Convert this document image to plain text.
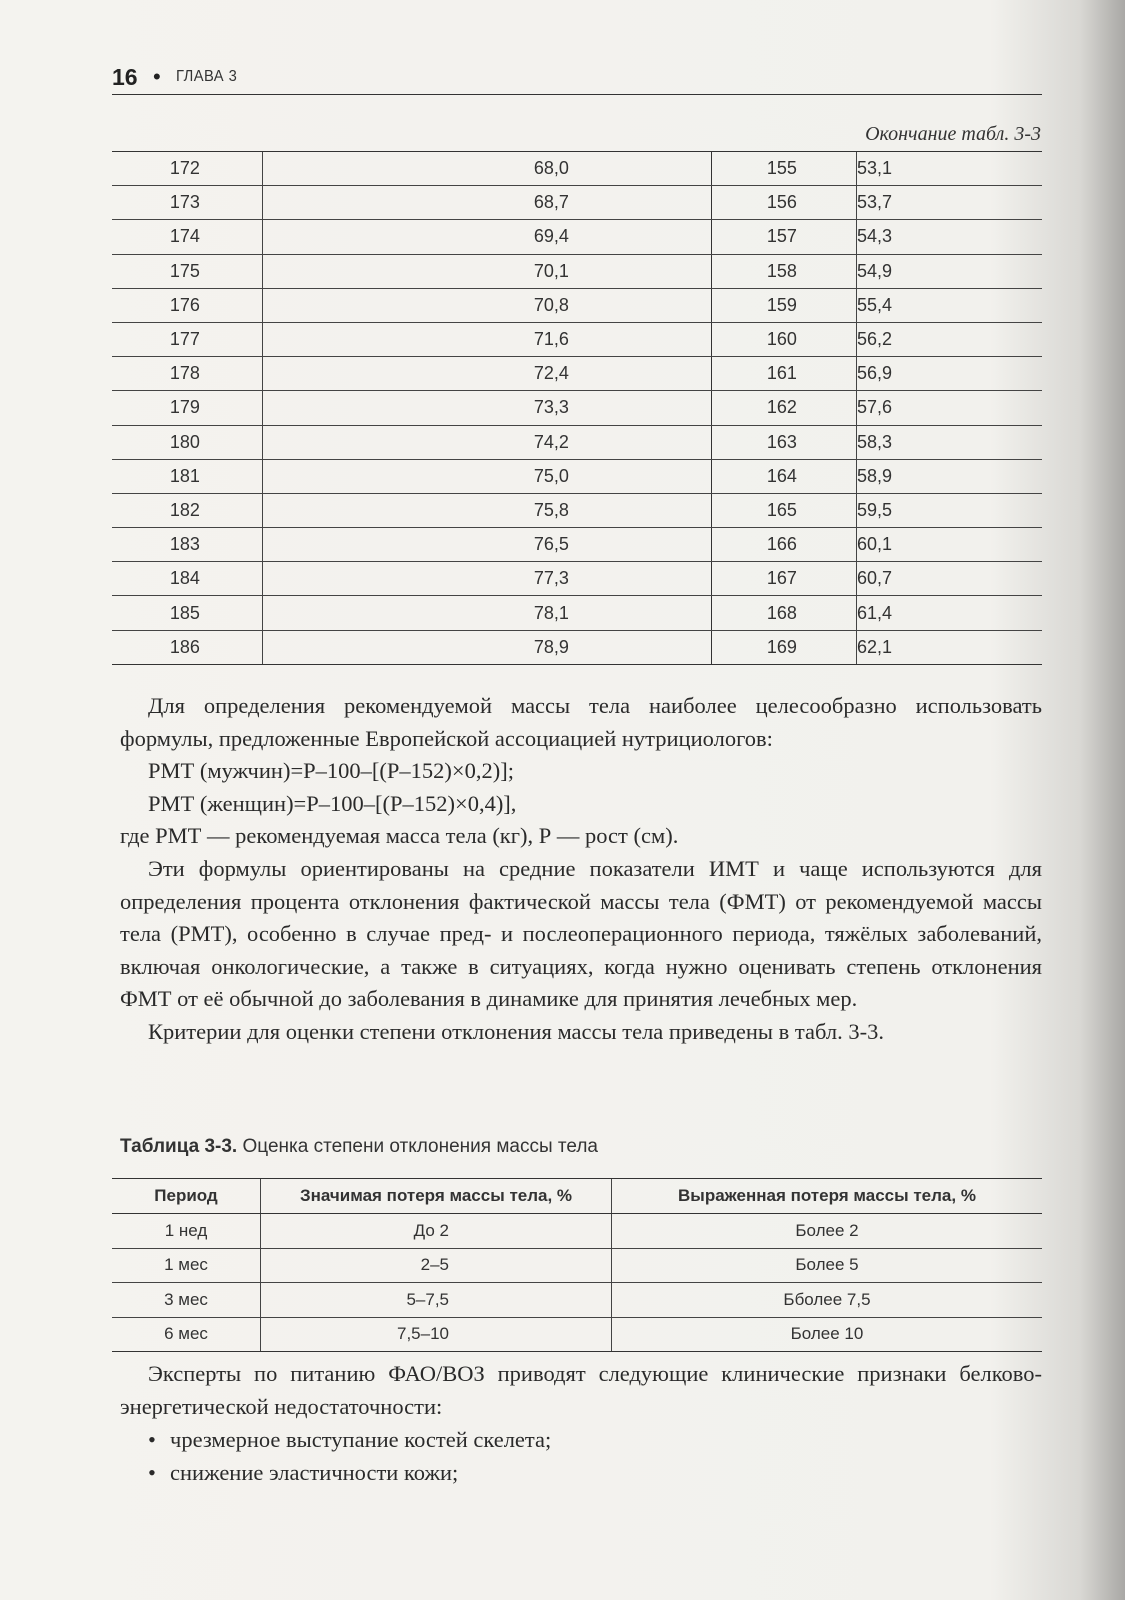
16 • ГЛАВА 3
Окончание табл. 3-3
172	68,0	155	53,1
173	68,7	156	53,7
174	69,4	157	54,3
175	70,1	158	54,9
176	70,8	159	55,4
177	71,6	160	56,2
178	72,4	161	56,9
179	73,3	162	57,6
180	74,2	163	58,3
181	75,0	164	58,9
182	75,8	165	59,5
183	76,5	166	60,1
184	77,3	167	60,7
185	78,1	168	61,4
186	78,9	169	62,1

Для определения рекомендуемой массы тела наиболее целесообразно использовать формулы, предложенные Европейской ассоциацией нутрициологов:

РМТ (мужчин)=Р–100–[(Р–152)×0,2)];

РМТ (женщин)=Р–100–[(Р–152)×0,4)],

где РМТ — рекомендуемая масса тела (кг), Р — рост (см).

Эти формулы ориентированы на средние показатели ИМТ и чаще используются для определения процента отклонения фактической массы тела (ФМТ) от рекомендуемой массы тела (РМТ), особенно в случае пред- и послеоперационного периода, тяжёлых заболеваний, включая онкологические, а также в ситуациях, когда нужно оценивать степень отклонения ФМТ от её обычной до заболевания в динамике для принятия лечебных мер.

Критерии для оценки степени отклонения массы тела приведены в табл. 3-3.

Таблица 3-3. Оценка степени отклонения массы тела
Период	Значимая потеря массы тела, %	Выраженная потеря массы тела, %
1 нед	До 2	Более 2
1 мес	2–5	Более 5
3 мес	5–7,5	Бболее 7,5
6 мес	7,5–10	Более 10

Эксперты по питанию ФАО/ВОЗ приводят следующие клинические признаки белково-энергетической недостаточности:

• чрезмерное выступание костей скелета;
• снижение эластичности кожи;
